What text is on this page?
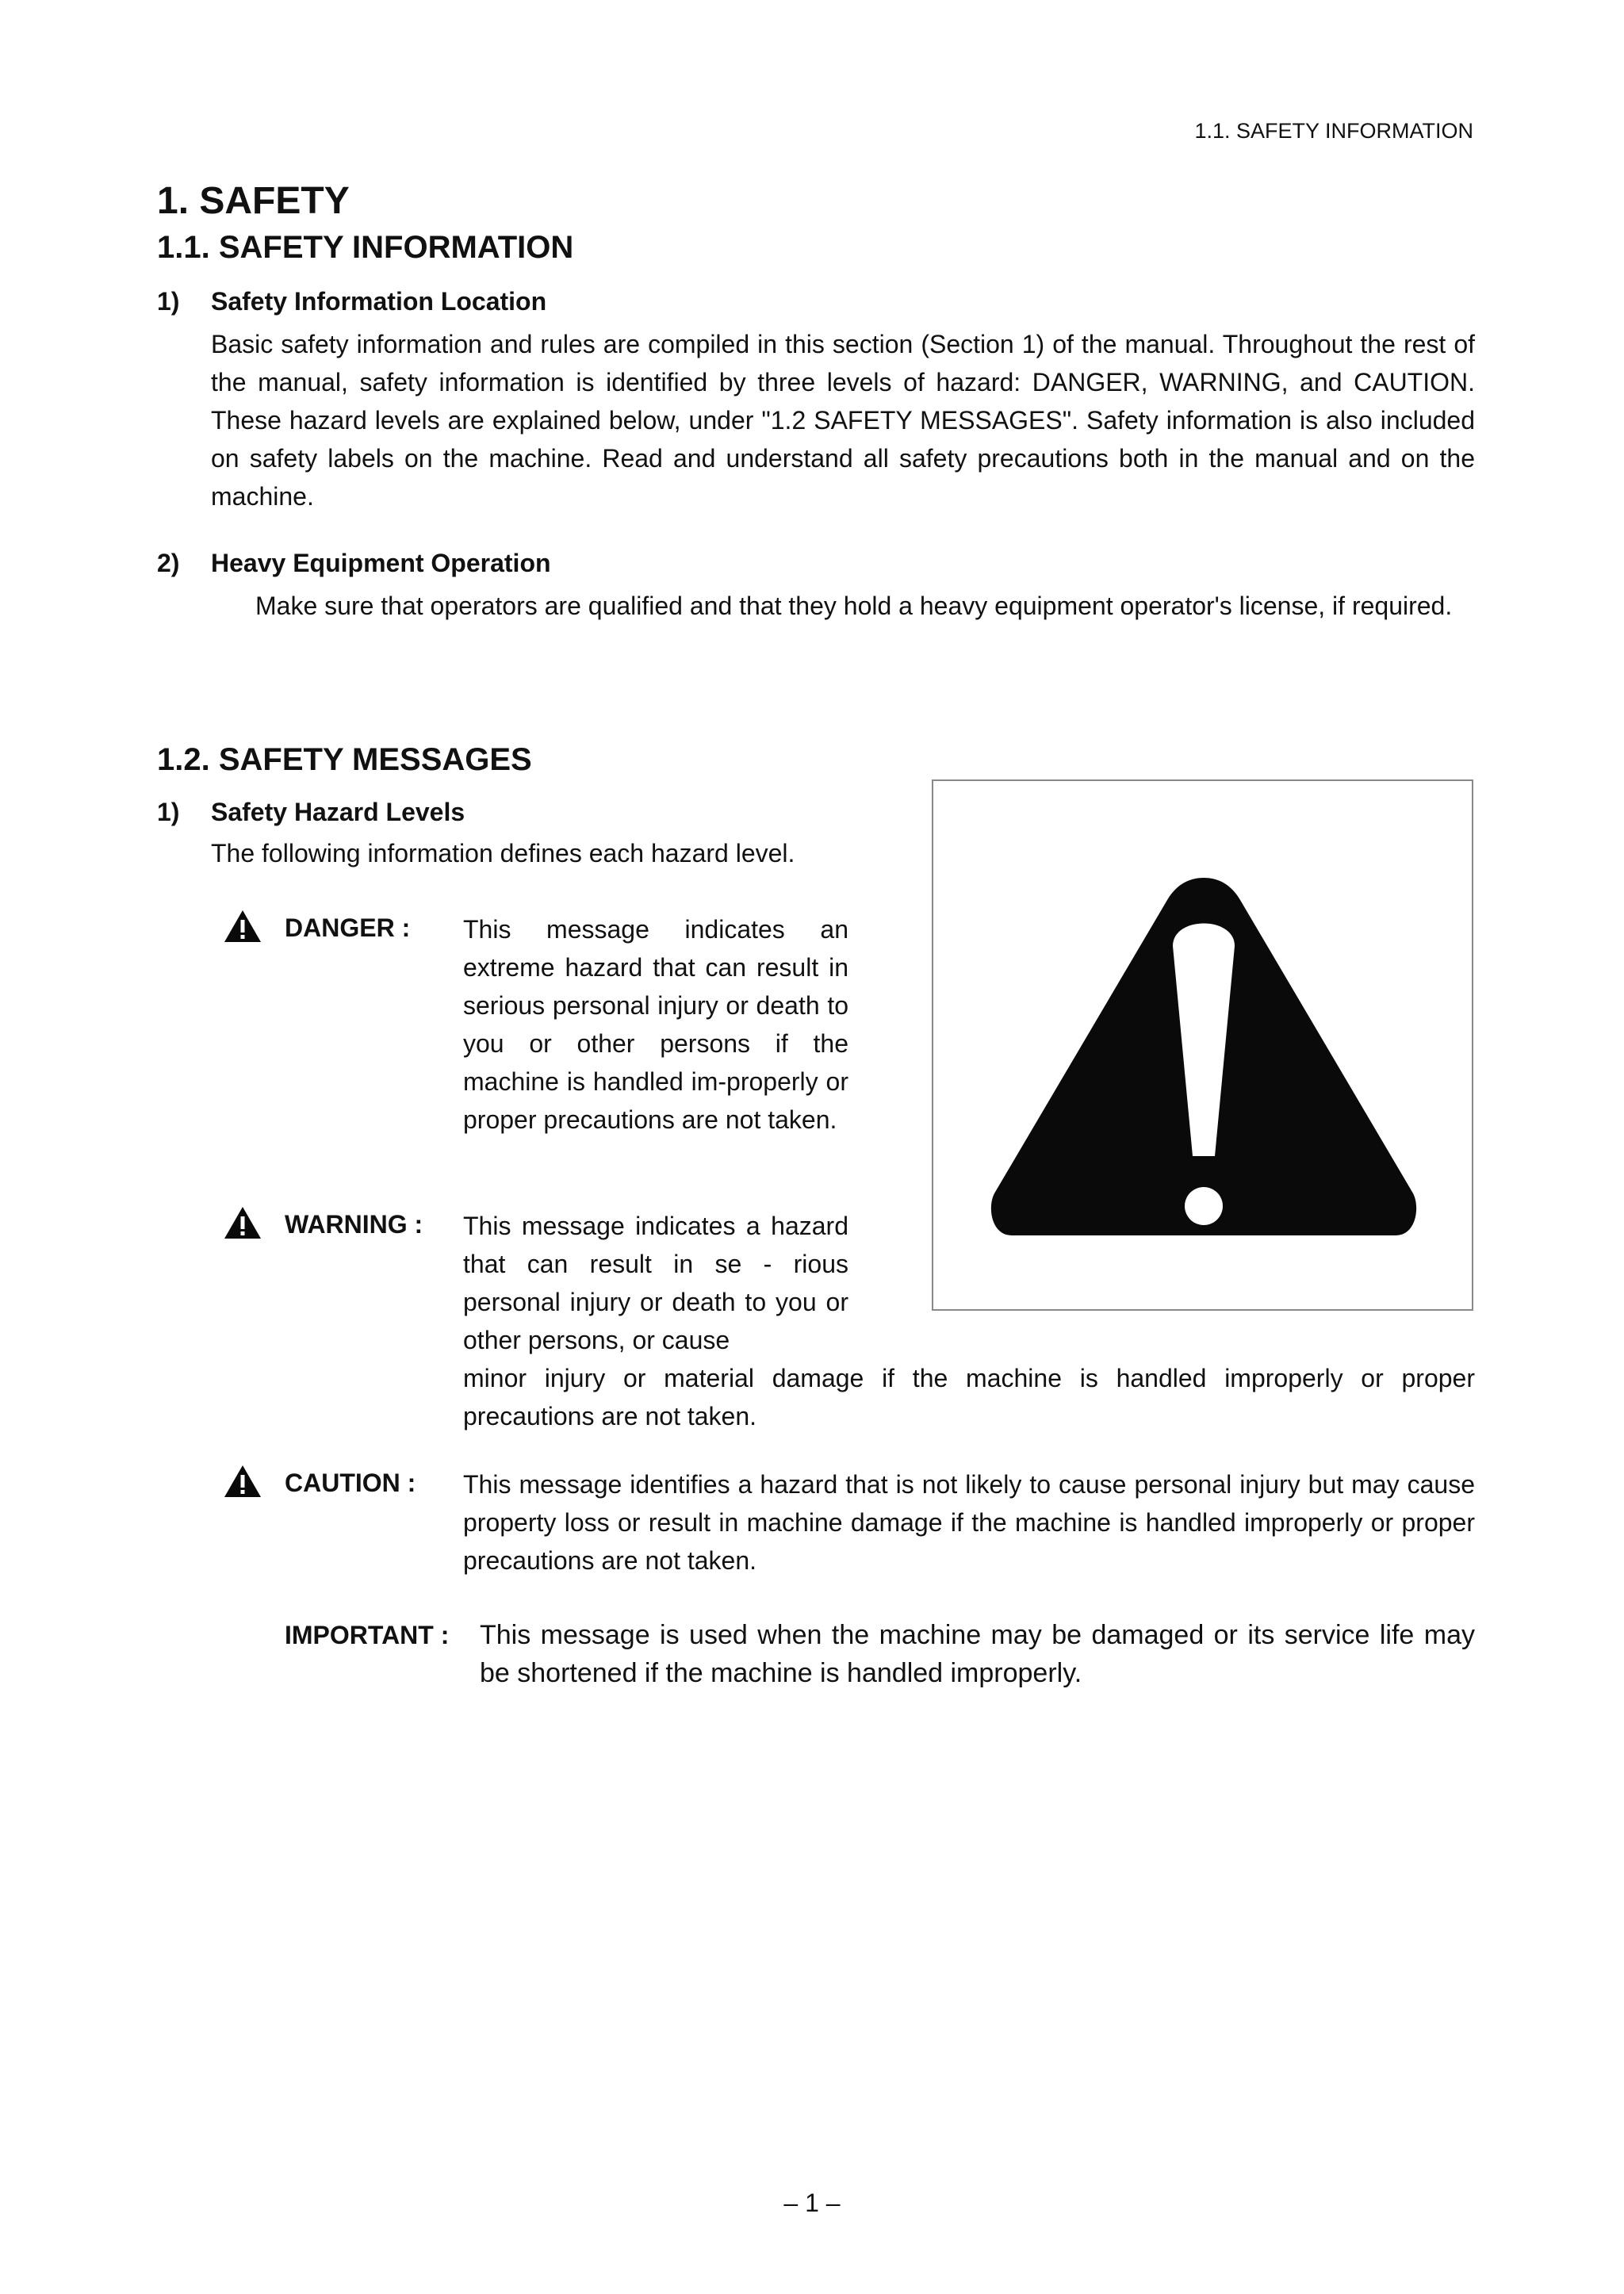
1.1. SAFETY INFORMATION
1. SAFETY
1.1. SAFETY INFORMATION
1) Safety Information Location
Basic safety information and rules are compiled in this section (Section 1) of the manual. Throughout the rest of the manual, safety information is identified by three levels of hazard: DANGER, WARNING, and CAUTION. These hazard levels are explained below, under "1.2 SAFETY MESSAGES". Safety information is also included on safety labels on the machine. Read and understand all safety precautions both in the manual and on the machine.
2) Heavy Equipment Operation
Make sure that operators are qualified and that they hold a heavy equipment operator's license, if required.
1.2. SAFETY MESSAGES
1) Safety Hazard Levels
The following information defines each hazard level.
DANGER : This message indicates an extreme hazard that can result in serious personal injury or death to you or other persons if the machine is handled im-properly or proper precautions are not taken.
WARNING : This message indicates a hazard that can result in se - rious personal injury or death to you or other persons, or cause
minor injury or material damage if the machine is handled improperly or proper precautions are not taken.
CAUTION : This message identifies a hazard that is not likely to cause personal injury but may cause property loss or result in machine damage if the machine is handled improperly or proper precautions are not taken.
IMPORTANT : This message is used when the machine may be damaged or its service life may be shortened if the machine is handled improperly.
– 1 –
